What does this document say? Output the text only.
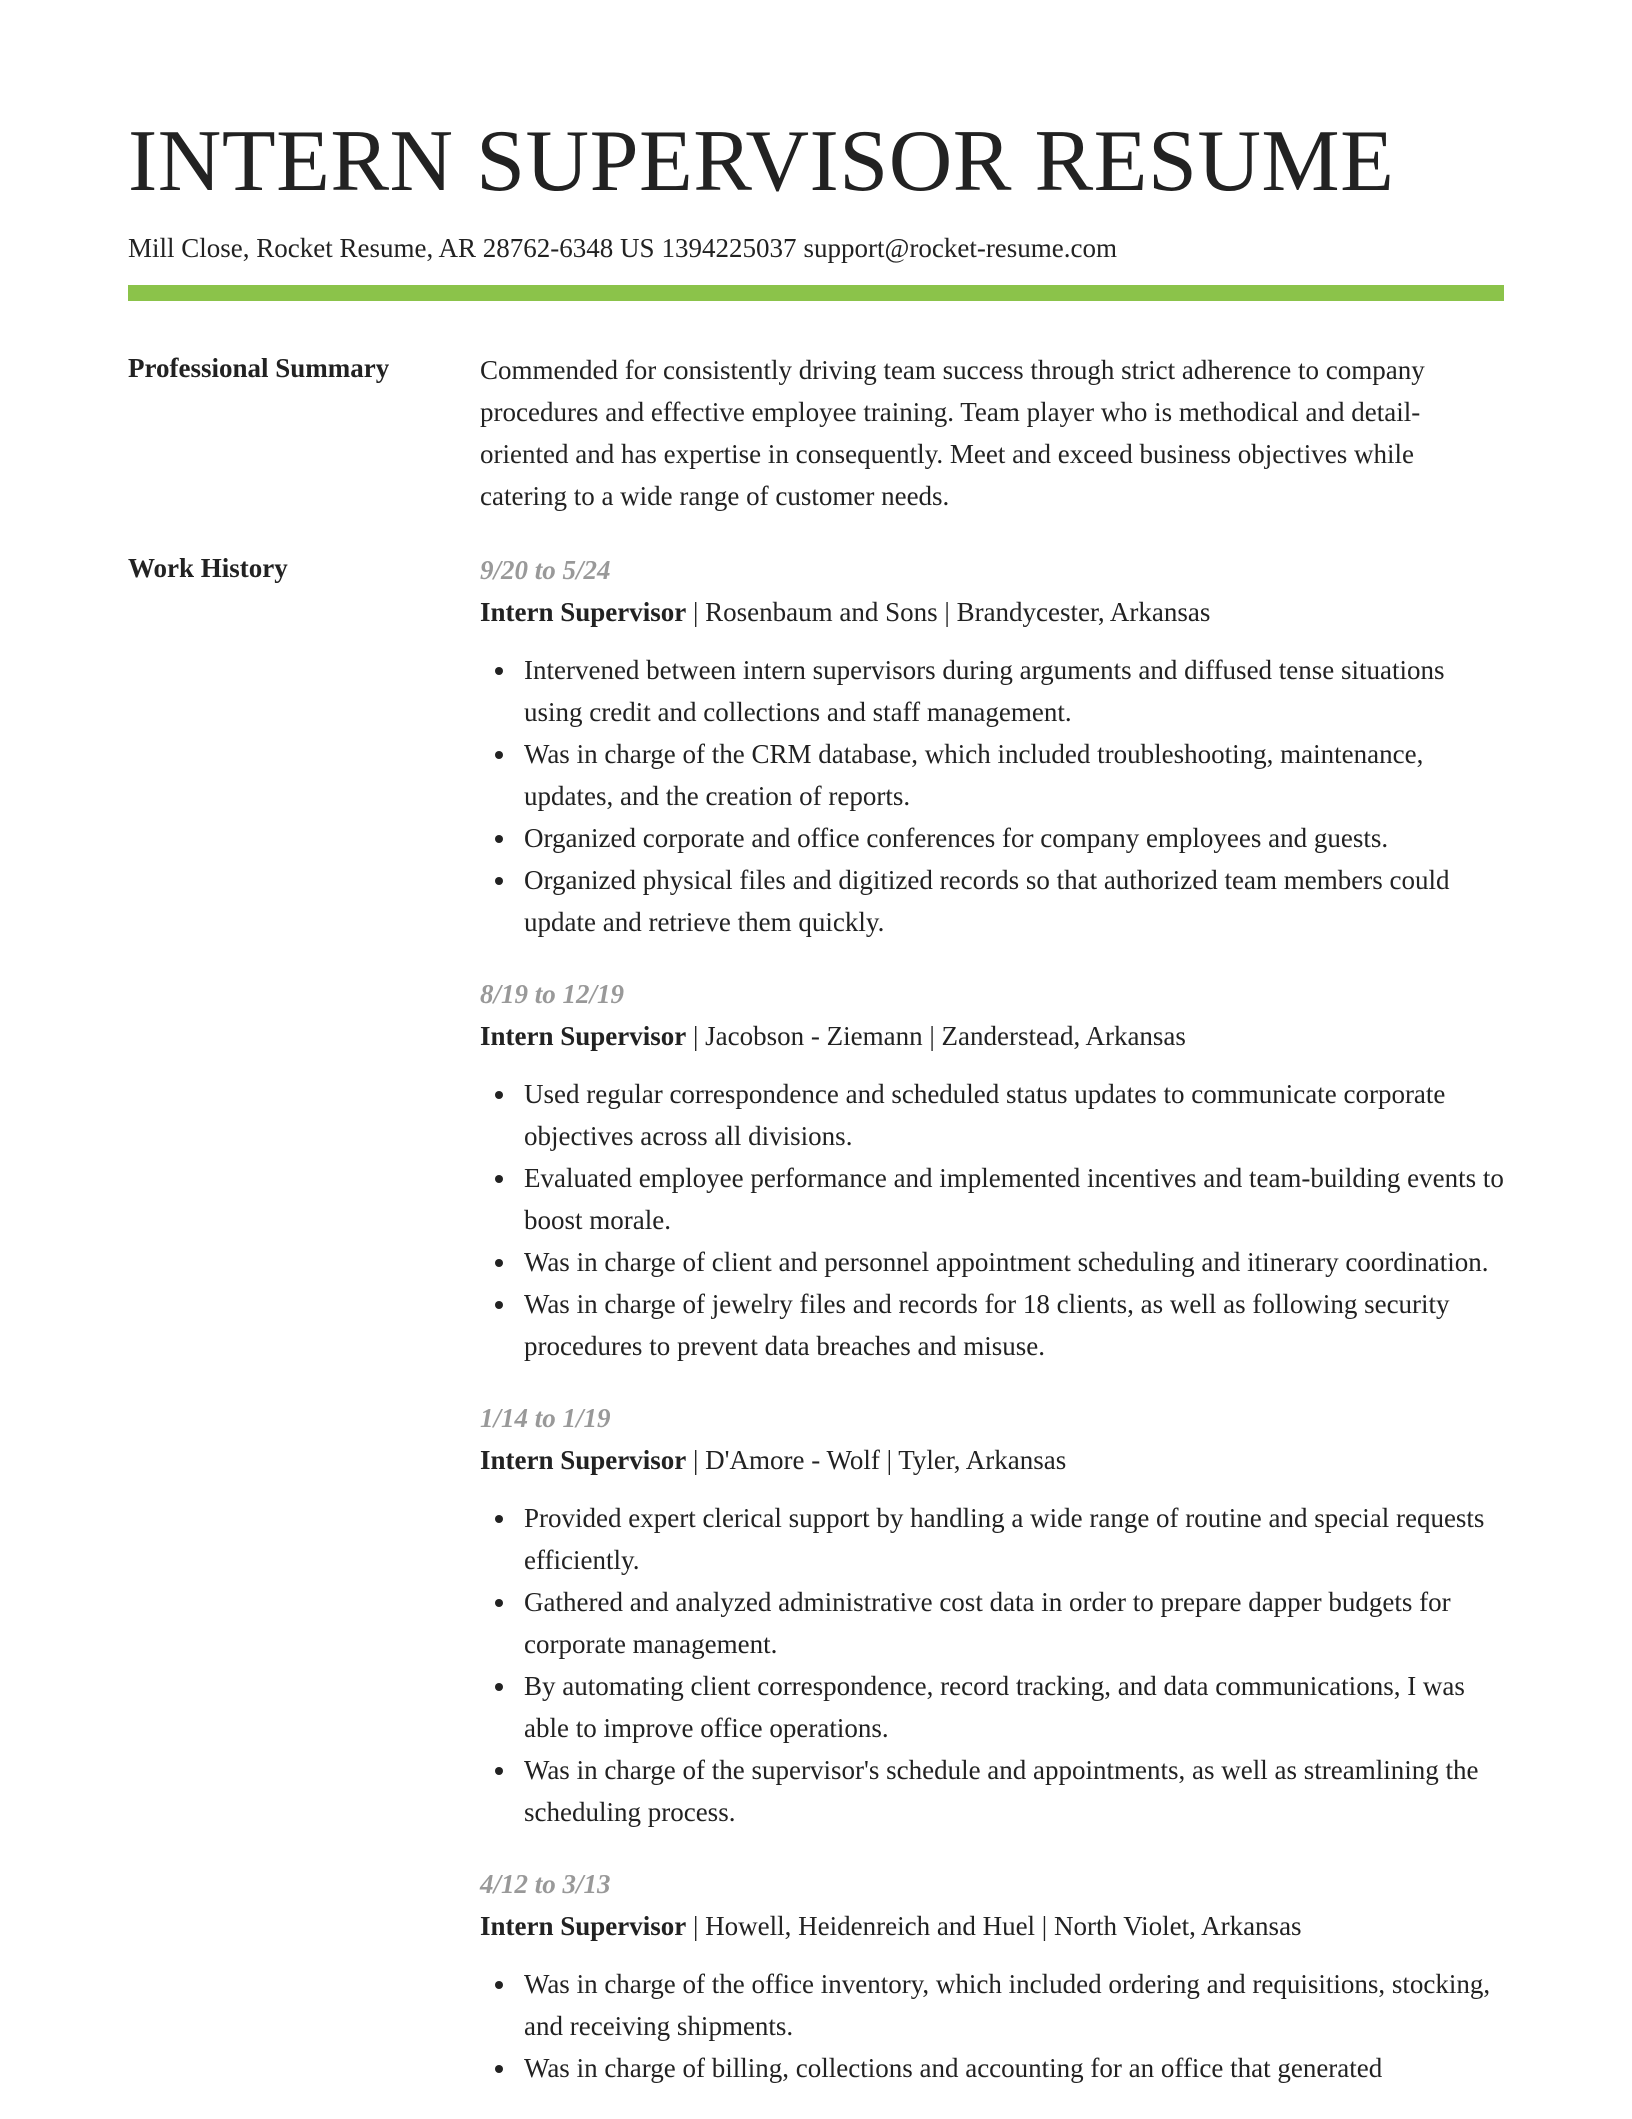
INTERN SUPERVISOR RESUME
Mill Close, Rocket Resume, AR 28762-6348 US 1394225037 support@rocket-resume.com
Professional Summary	Commended for consistently driving team success through strict adherence to company procedures and effective employee training. Team player who is methodical and detail-oriented and has expertise in consequently. Meet and exceed business objectives while catering to a wide range of customer needs.

Work History	9/20 to 5/24
Intern Supervisor | Rosenbaum and Sons | Brandycester, Arkansas
Intervened between intern supervisors during arguments and diffused tense situations using credit and collections and staff management.
Was in charge of the CRM database, which included troubleshooting, maintenance, updates, and the creation of reports.
Organized corporate and office conferences for company employees and guests.
Organized physical files and digitized records so that authorized team members could update and retrieve them quickly.
8/19 to 12/19
Intern Supervisor | Jacobson - Ziemann | Zanderstead, Arkansas
Used regular correspondence and scheduled status updates to communicate corporate objectives across all divisions.
Evaluated employee performance and implemented incentives and team-building events to boost morale.
Was in charge of client and personnel appointment scheduling and itinerary coordination.
Was in charge of jewelry files and records for 18 clients, as well as following security procedures to prevent data breaches and misuse.
1/14 to 1/19
Intern Supervisor | D'Amore - Wolf | Tyler, Arkansas
Provided expert clerical support by handling a wide range of routine and special requests efficiently.
Gathered and analyzed administrative cost data in order to prepare dapper budgets for corporate management.
By automating client correspondence, record tracking, and data communications, I was able to improve office operations.
Was in charge of the supervisor's schedule and appointments, as well as streamlining the scheduling process.
4/12 to 3/13
Intern Supervisor | Howell, Heidenreich and Huel | North Violet, Arkansas
Was in charge of the office inventory, which included ordering and requisitions, stocking, and receiving shipments.
Was in charge of billing, collections and accounting for an office that generated
